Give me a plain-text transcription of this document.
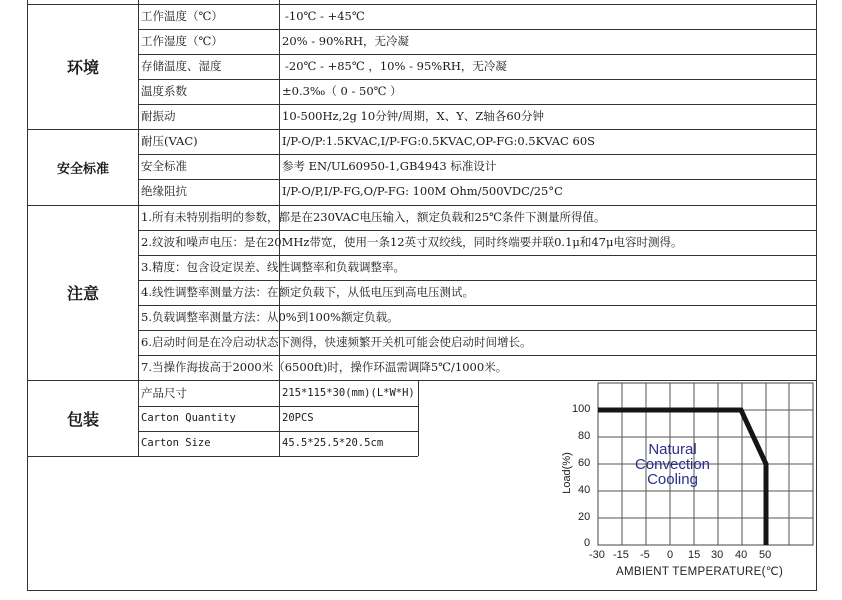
环境
工作温度（℃）	-10℃ - +45℃
工作湿度（℃）	20% - 90%RH，无冷凝
存储温度、湿度	-20℃ - +85℃ ，10% - 95%RH，无冷凝
温度系数	±0.3‰（ 0 - 50℃ ）
耐振动	10-500Hz,2g 10分钟/周期，X、Y、Z轴各60分钟
安全标准
耐压(VAC)	I/P-O/P:1.5KVAC,I/P-FG:0.5KVAC,OP-FG:0.5KVAC 60S
安全标准	参考 EN/UL60950-1,GB4943 标准设计
绝缘阻抗	I/P-O/P,I/P-FG,O/P-FG: 100M Ohm/500VDC/25°C
注意
1.所有未特别指明的参数，都是在230VAC电压输入，额定负载和25℃条件下测量所得值。
2.纹波和噪声电压：是在20MHz带宽，使用一条12英寸双绞线，同时终端要并联0.1μ和47μ电容时测得。
3.精度：包含设定误差、线性调整率和负载调整率。
4.线性调整率测量方法：在额定负载下，从低电压到高电压测试。
5.负载调整率测量方法：从0%到100%额定负载。
6.启动时间是在冷启动状态下测得，快速频繁开关机可能会使启动时间增长。
7.当操作海拔高于2000米（6500ft)时，操作环温需调降5℃/1000米。
包装
产品尺寸	215*115*30(mm)(L*W*H)
Carton Quantity	20PCS
Carton Size	45.5*25.5*20.5cm	Natural Convection Cooling
Load(%)
100
80
60
40
20
0
-30 -15 -5 0 15 30 40 50
AMBIENT TEMPERATURE(℃)
